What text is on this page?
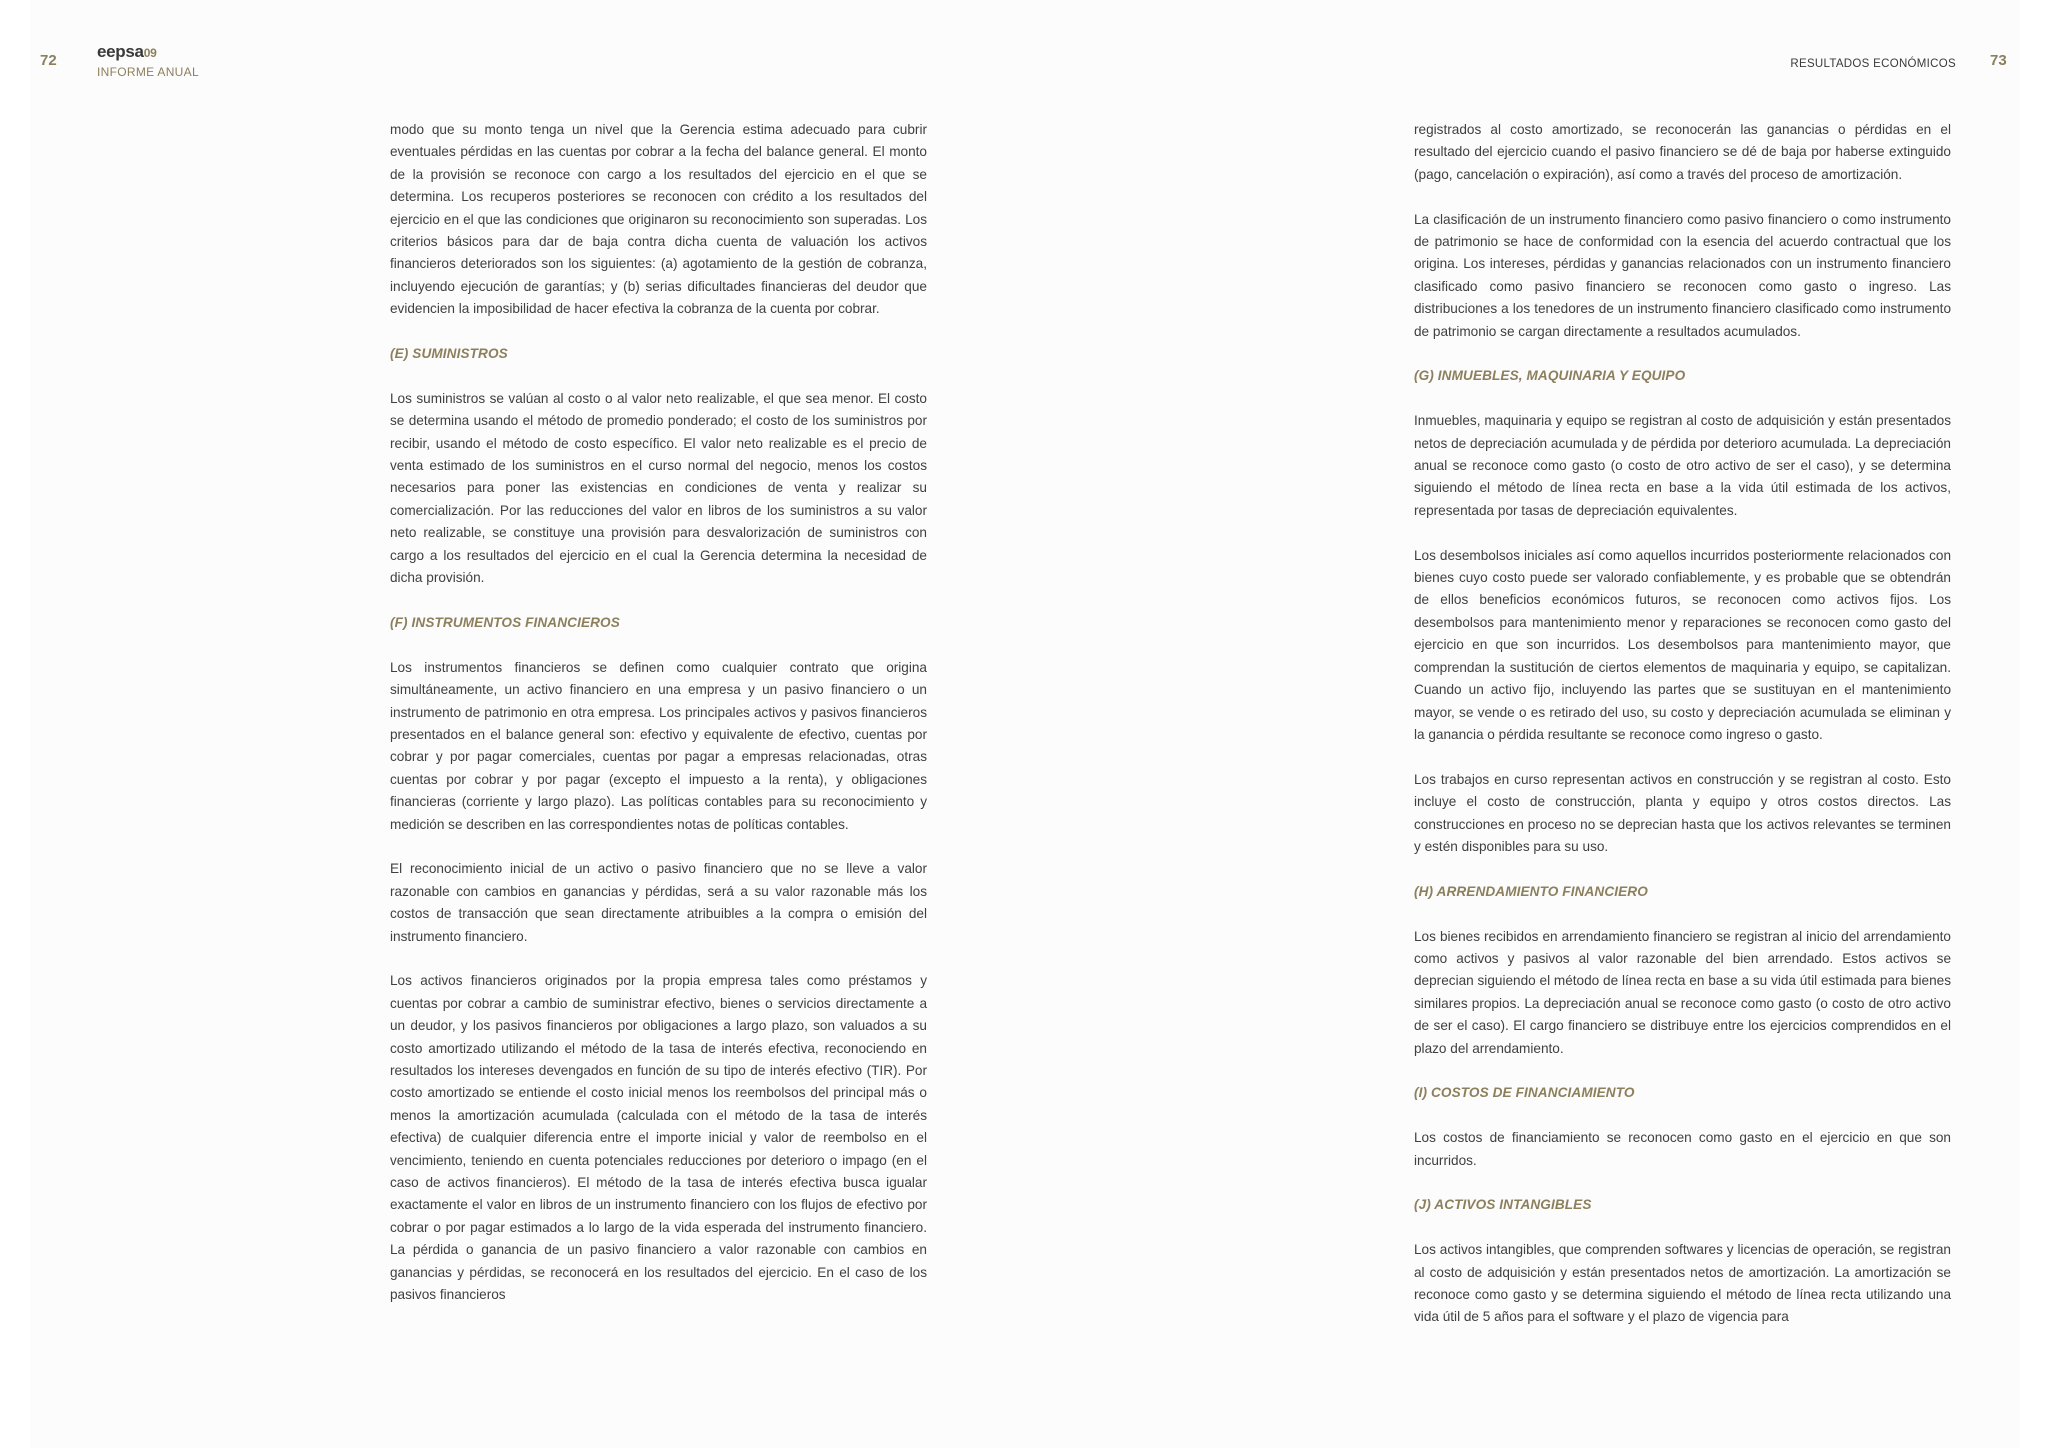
72 eepsa09
INFORME ANUAL
RESULTADOS ECONÓMICOS 73

modo que su monto tenga un nivel que la Gerencia estima adecuado para cubrir eventuales pérdidas en las cuentas por cobrar a la fecha del balance general. El monto de la provisión se reconoce con cargo a los resultados del ejercicio en el que se determina. Los recuperos posteriores se reconocen con crédito a los resultados del ejercicio en el que las condiciones que originaron su reconocimiento son superadas. Los criterios básicos para dar de baja contra dicha cuenta de valuación los activos financieros deteriorados son los siguientes: (a) agotamiento de la gestión de cobranza, incluyendo ejecución de garantías; y (b) serias dificultades financieras del deudor que evidencien la imposibilidad de hacer efectiva la cobranza de la cuenta por cobrar.

(E) SUMINISTROS

Los suministros se valúan al costo o al valor neto realizable, el que sea menor. El costo se determina usando el método de promedio ponderado; el costo de los suministros por recibir, usando el método de costo específico. El valor neto realizable es el precio de venta estimado de los suministros en el curso normal del negocio, menos los costos necesarios para poner las existencias en condiciones de venta y realizar su comercialización. Por las reducciones del valor en libros de los suministros a su valor neto realizable, se constituye una provisión para desvalorización de suministros con cargo a los resultados del ejercicio en el cual la Gerencia determina la necesidad de dicha provisión.

(F) INSTRUMENTOS FINANCIEROS

Los instrumentos financieros se definen como cualquier contrato que origina simultáneamente, un activo financiero en una empresa y un pasivo financiero o un instrumento de patrimonio en otra empresa. Los principales activos y pasivos financieros presentados en el balance general son: efectivo y equivalente de efectivo, cuentas por cobrar y por pagar comerciales, cuentas por pagar a empresas relacionadas, otras cuentas por cobrar y por pagar (excepto el impuesto a la renta), y obligaciones financieras (corriente y largo plazo). Las políticas contables para su reconocimiento y medición se describen en las correspondientes notas de políticas contables.

El reconocimiento inicial de un activo o pasivo financiero que no se lleve a valor razonable con cambios en ganancias y pérdidas, será a su valor razonable más los costos de transacción que sean directamente atribuibles a la compra o emisión del instrumento financiero.

Los activos financieros originados por la propia empresa tales como préstamos y cuentas por cobrar a cambio de suministrar efectivo, bienes o servicios directamente a un deudor, y los pasivos financieros por obligaciones a largo plazo, son valuados a su costo amortizado utilizando el método de la tasa de interés efectiva, reconociendo en resultados los intereses devengados en función de su tipo de interés efectivo (TIR). Por costo amortizado se entiende el costo inicial menos los reembolsos del principal más o menos la amortización acumulada (calculada con el método de la tasa de interés efectiva) de cualquier diferencia entre el importe inicial y valor de reembolso en el vencimiento, teniendo en cuenta potenciales reducciones por deterioro o impago (en el caso de activos financieros). El método de la tasa de interés efectiva busca igualar exactamente el valor en libros de un instrumento financiero con los flujos de efectivo por cobrar o por pagar estimados a lo largo de la vida esperada del instrumento financiero. La pérdida o ganancia de un pasivo financiero a valor razonable con cambios en ganancias y pérdidas, se reconocerá en los resultados del ejercicio. En el caso de los pasivos financieros

registrados al costo amortizado, se reconocerán las ganancias o pérdidas en el resultado del ejercicio cuando el pasivo financiero se dé de baja por haberse extinguido (pago, cancelación o expiración), así como a través del proceso de amortización.

La clasificación de un instrumento financiero como pasivo financiero o como instrumento de patrimonio se hace de conformidad con la esencia del acuerdo contractual que los origina. Los intereses, pérdidas y ganancias relacionados con un instrumento financiero clasificado como pasivo financiero se reconocen como gasto o ingreso. Las distribuciones a los tenedores de un instrumento financiero clasificado como instrumento de patrimonio se cargan directamente a resultados acumulados.

(G) INMUEBLES, MAQUINARIA Y EQUIPO

Inmuebles, maquinaria y equipo se registran al costo de adquisición y están presentados netos de depreciación acumulada y de pérdida por deterioro acumulada. La depreciación anual se reconoce como gasto (o costo de otro activo de ser el caso), y se determina siguiendo el método de línea recta en base a la vida útil estimada de los activos, representada por tasas de depreciación equivalentes.

Los desembolsos iniciales así como aquellos incurridos posteriormente relacionados con bienes cuyo costo puede ser valorado confiablemente, y es probable que se obtendrán de ellos beneficios económicos futuros, se reconocen como activos fijos. Los desembolsos para mantenimiento menor y reparaciones se reconocen como gasto del ejercicio en que son incurridos. Los desembolsos para mantenimiento mayor, que comprendan la sustitución de ciertos elementos de maquinaria y equipo, se capitalizan. Cuando un activo fijo, incluyendo las partes que se sustituyan en el mantenimiento mayor, se vende o es retirado del uso, su costo y depreciación acumulada se eliminan y la ganancia o pérdida resultante se reconoce como ingreso o gasto.

Los trabajos en curso representan activos en construcción y se registran al costo. Esto incluye el costo de construcción, planta y equipo y otros costos directos. Las construcciones en proceso no se deprecian hasta que los activos relevantes se terminen y estén disponibles para su uso.

(H) ARRENDAMIENTO FINANCIERO

Los bienes recibidos en arrendamiento financiero se registran al inicio del arrendamiento como activos y pasivos al valor razonable del bien arrendado. Estos activos se deprecian siguiendo el método de línea recta en base a su vida útil estimada para bienes similares propios. La depreciación anual se reconoce como gasto (o costo de otro activo de ser el caso). El cargo financiero se distribuye entre los ejercicios comprendidos en el plazo del arrendamiento.

(I) COSTOS DE FINANCIAMIENTO

Los costos de financiamiento se reconocen como gasto en el ejercicio en que son incurridos.

(J) ACTIVOS INTANGIBLES

Los activos intangibles, que comprenden softwares y licencias de operación, se registran al costo de adquisición y están presentados netos de amortización. La amortización se reconoce como gasto y se determina siguiendo el método de línea recta utilizando una vida útil de 5 años para el software y el plazo de vigencia para
